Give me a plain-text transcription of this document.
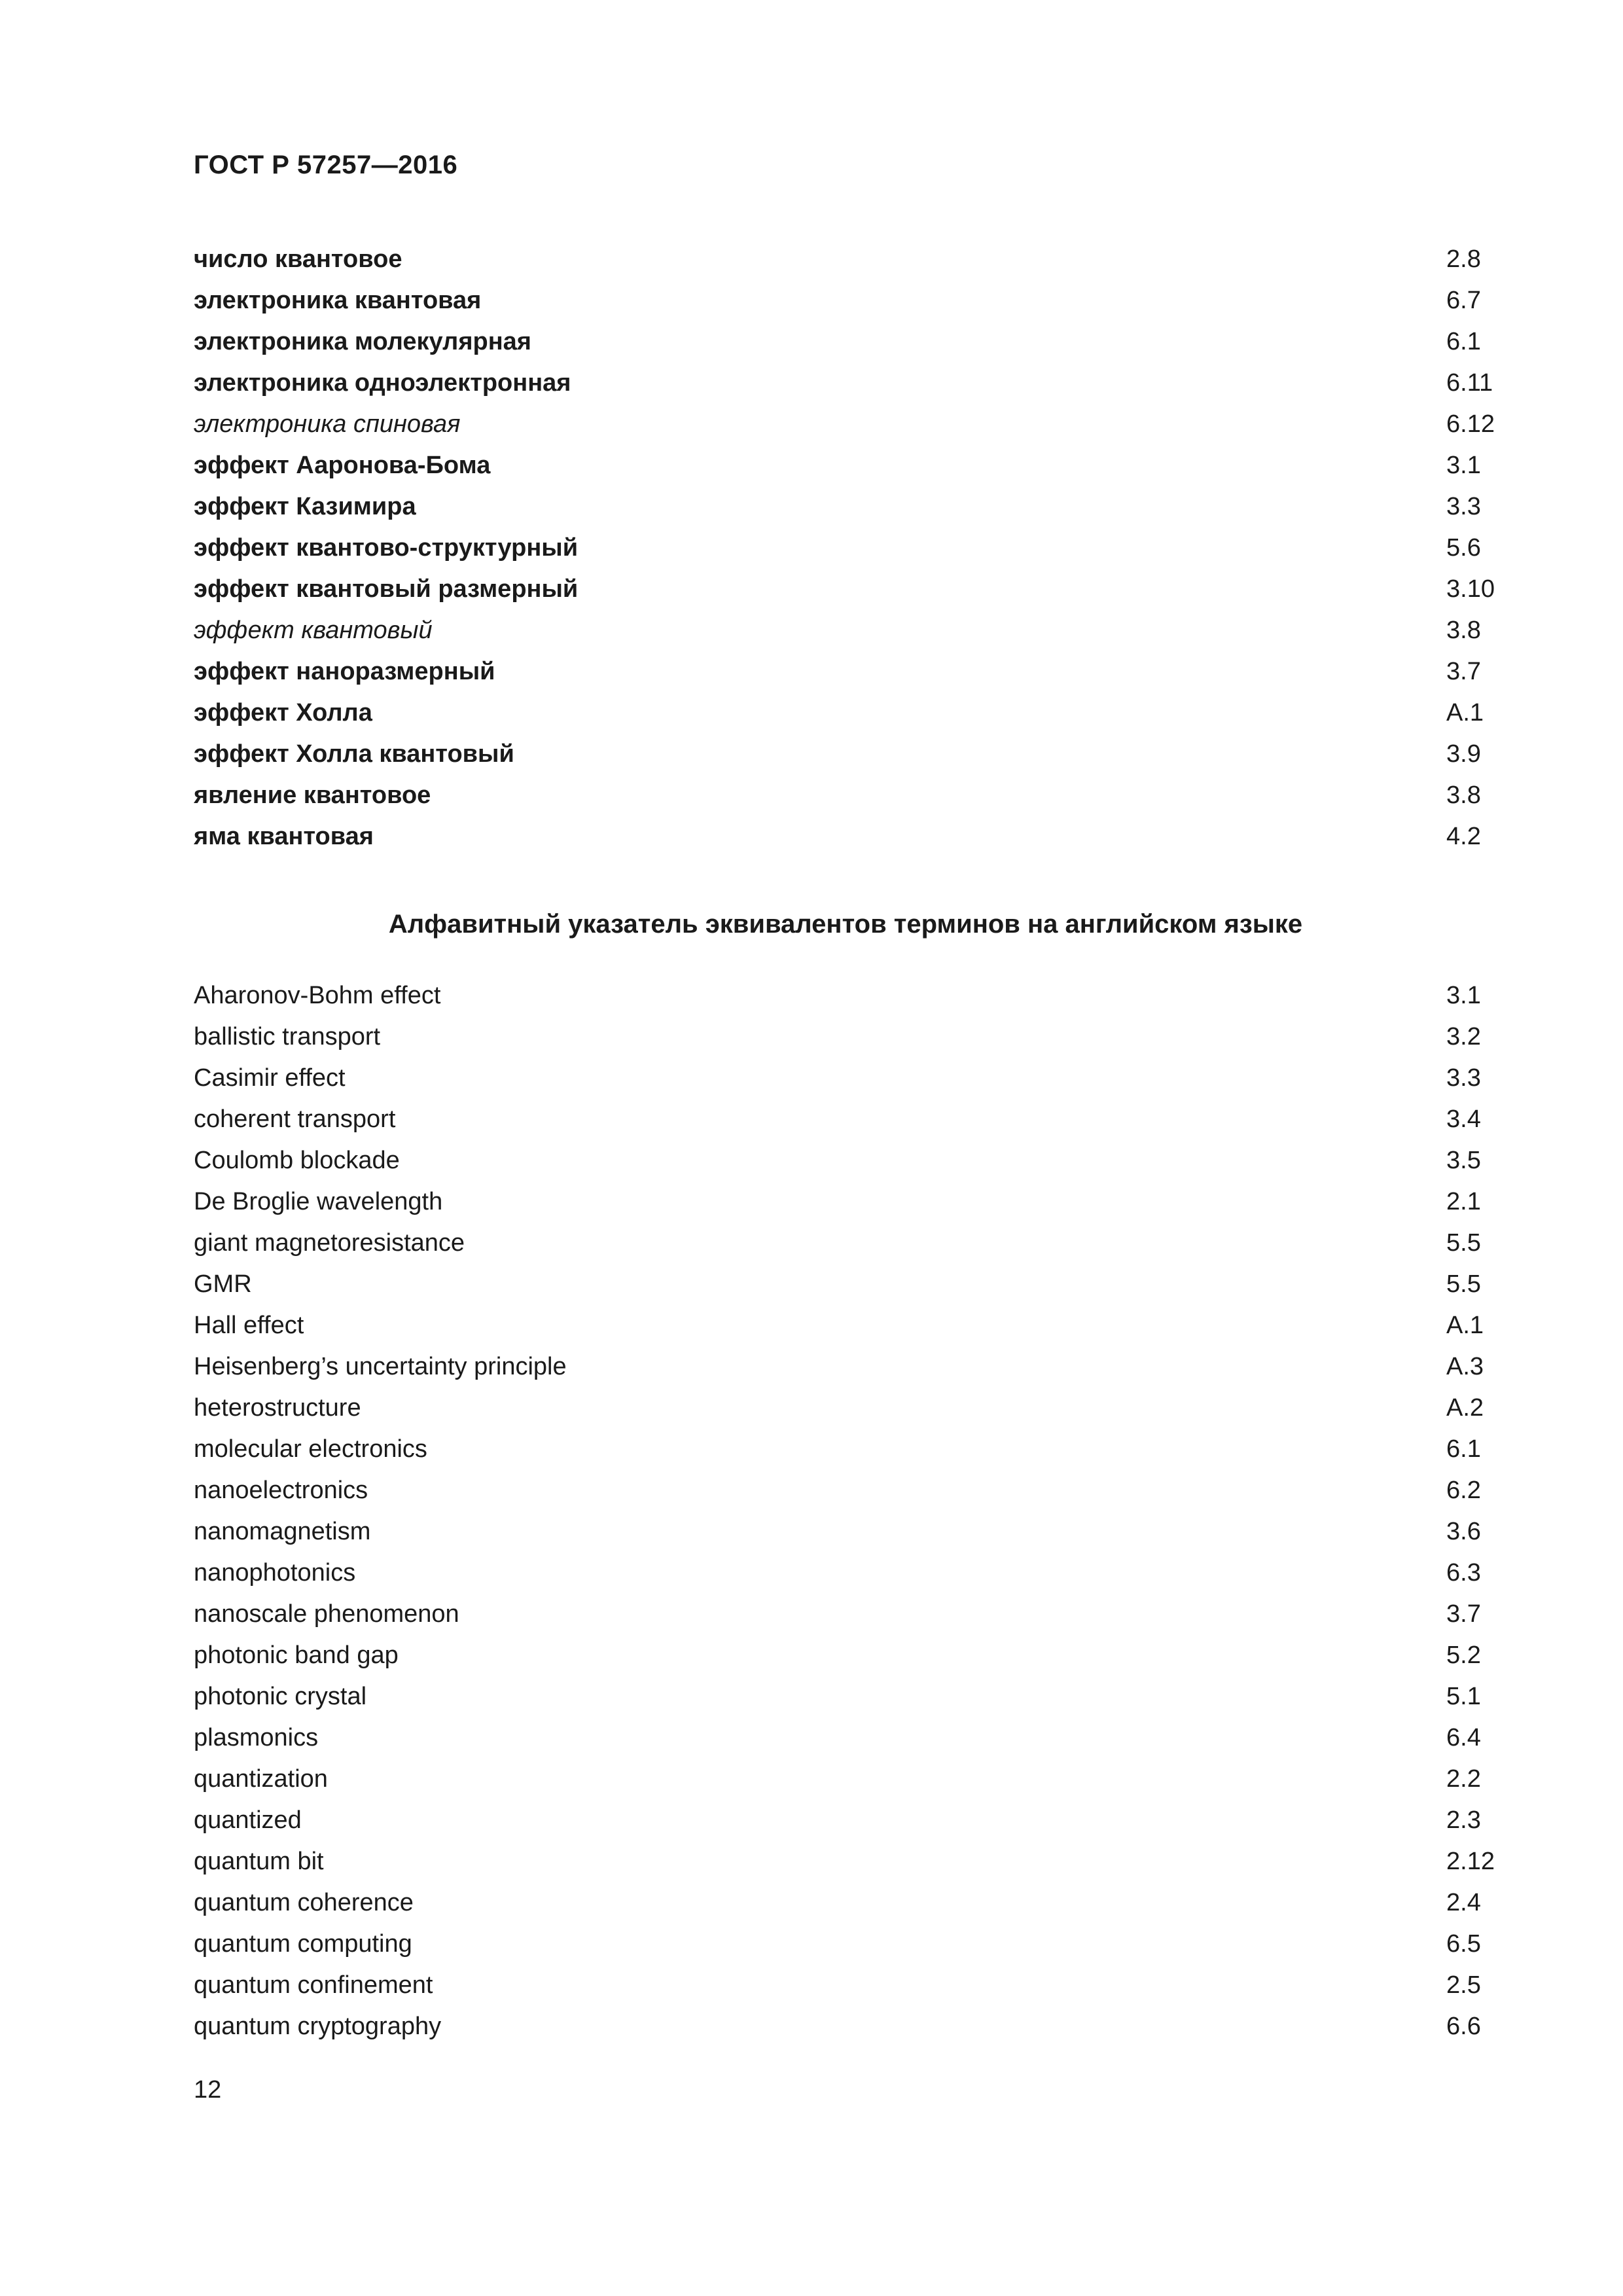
ГОСТ Р 57257—2016
число квантовое	2.8
электроника квантовая	6.7
электроника молекулярная	6.1
электроника одноэлектронная	6.11
электроника спиновая	6.12
эффект Ааронова-Бома	3.1
эффект Казимира	3.3
эффект квантово-структурный	5.6
эффект квантовый размерный	3.10
эффект квантовый	3.8
эффект наноразмерный	3.7
эффект Холла	А.1
эффект Холла квантовый	3.9
явление квантовое	3.8
яма квантовая	4.2
Алфавитный указатель эквивалентов терминов на английском языке
Aharonov-Bohm effect	3.1
ballistic transport	3.2
Casimir effect	3.3
coherent transport	3.4
Coulomb blockade	3.5
De Broglie wavelength	2.1
giant magnetoresistance	5.5
GMR	5.5
Hall effect	A.1
Heisenberg’s uncertainty principle	A.3
heterostructure	A.2
molecular electronics	6.1
nanoelectronics	6.2
nanomagnetism	3.6
nanophotonics	6.3
nanoscale phenomenon	3.7
photonic band gap	5.2
photonic crystal	5.1
plasmonics	6.4
quantization	2.2
quantized	2.3
quantum bit	2.12
quantum coherence	2.4
quantum computing	6.5
quantum confinement	2.5
quantum cryptography	6.6
12
